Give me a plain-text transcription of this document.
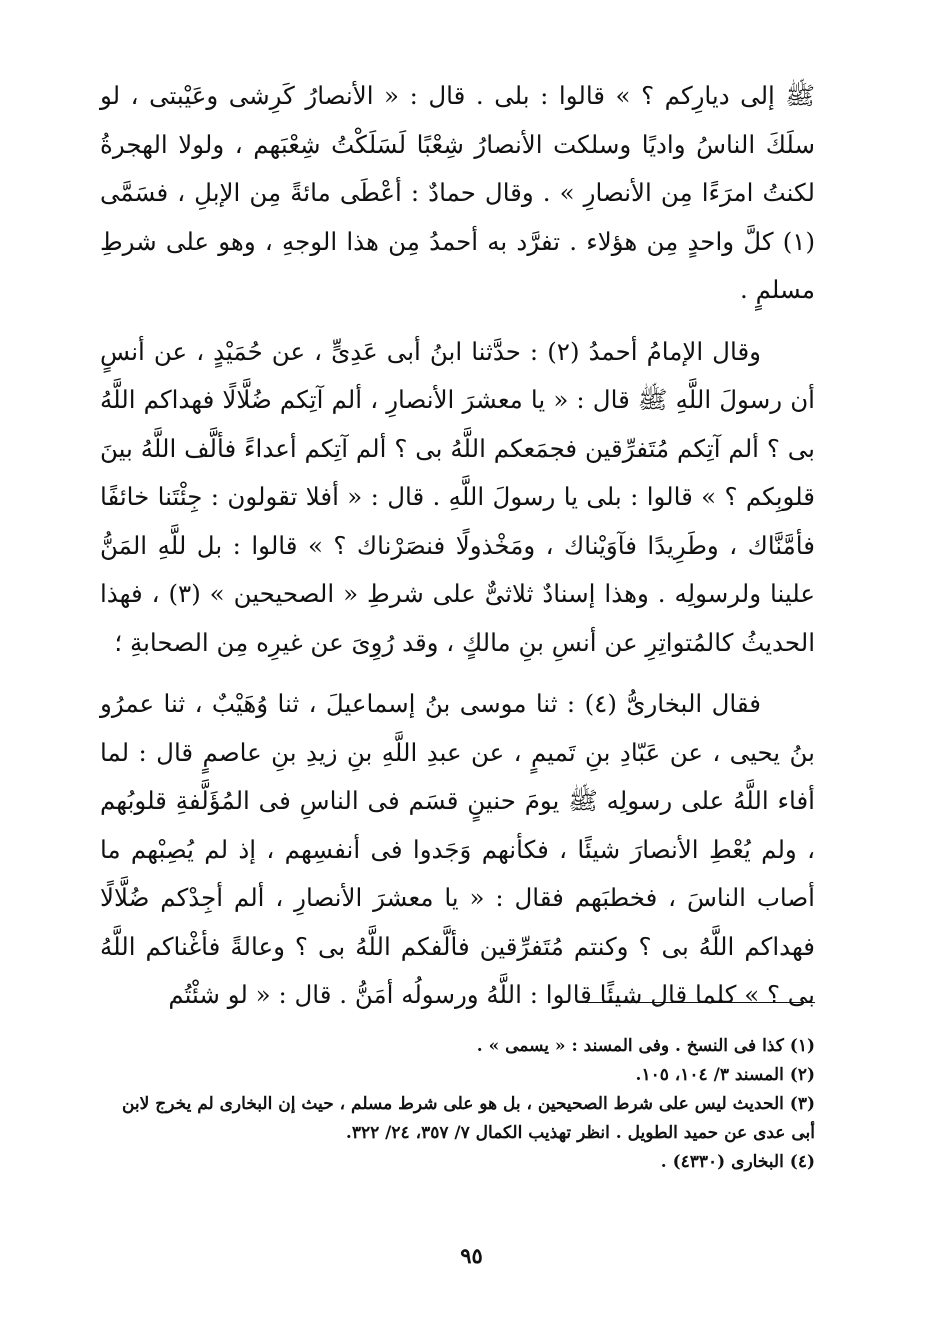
ﷺ إلى ديارِكم ؟ » قالوا : بلى . قال : « الأنصارُ كَرِشى وعَيْبتى ، لو سلَكَ الناسُ واديًا وسلكت الأنصارُ شِعْبًا لَسَلَكْتُ شِعْبَهم ، ولولا الهجرةُ لكنتُ امرَءًا مِن الأنصارِ » . وقال حمادٌ : أعْطَى مائةً مِن الإبلِ ، فسَمَّى (١) كلَّ واحدٍ مِن هؤلاء . تفرَّد به أحمدُ مِن هذا الوجهِ ، وهو على شرطِ مسلمٍ .

وقال الإمامُ أحمدُ (٢) : حدَّثنا ابنُ أبى عَدِىٍّ ، عن حُمَيْدٍ ، عن أنسٍ أن رسولَ اللَّهِ ﷺ قال : « يا معشرَ الأنصارِ ، ألم آتِكم ضُلَّالًا فهداكم اللَّهُ بى ؟ ألم آتِكم مُتَفرِّقين فجمَعكم اللَّهُ بى ؟ ألم آتِكم أعداءً فألَّف اللَّهُ بينَ قلوبِكم ؟ » قالوا : بلى يا رسولَ اللَّهِ . قال : « أفلا تقولون : جِئْتَنا خائفًا فأمَّنَّاك ، وطَرِيدًا فآوَيْناك ، ومَخْذولًا فنصَرْناك ؟ » قالوا : بل للَّهِ المَنُّ علينا ولرسولِه . وهذا إسنادٌ ثلاثىٌّ على شرطِ « الصحيحين » (٣) ، فهذا الحديثُ كالمُتواتِرِ عن أنسِ بنِ مالكٍ ، وقد رُوِىَ عن غيرِه مِن الصحابةِ ؛

فقال البخارىُّ (٤) : ثنا موسى بنُ إسماعيلَ ، ثنا وُهَيْبٌ ، ثنا عمرُو بنُ يحيى ، عن عَبّادِ بنِ تَميمٍ ، عن عبدِ اللَّهِ بنِ زيدِ بنِ عاصمٍ قال : لما أفاء اللَّهُ على رسولِه ﷺ يومَ حنينٍ قسَم فى الناسِ فى المُؤَلَّفةِ قلوبُهم ، ولم يُعْطِ الأنصارَ شيئًا ، فكأنهم وَجَدوا فى أنفسِهم ، إذ لم يُصِبْهم ما أصاب الناسَ ، فخطبَهم فقال : « يا معشرَ الأنصارِ ، ألم أجِدْكم ضُلَّالًا فهداكم اللَّهُ بى ؟ وكنتم مُتَفرِّقين فألَّفكم اللَّهُ بى ؟ وعالةً فأغْناكم اللَّهُ بى ؟ » كلما قال شيئًا قالوا : اللَّهُ ورسولُه أمَنُّ . قال : « لو شئْتُم

(١) كذا فى النسخ . وفى المسند : « يسمى » .
(٢) المسند ٣/ ١٠٤، ١٠٥.
(٣) الحديث ليس على شرط الصحيحين ، بل هو على شرط مسلم ، حيث إن البخارى لم يخرج لابن أبى عدى عن حميد الطويل . انظر تهذيب الكمال ٧/ ٣٥٧، ٢٤/ ٣٢٢.
(٤) البخارى (٤٣٣٠) .
٩٥
